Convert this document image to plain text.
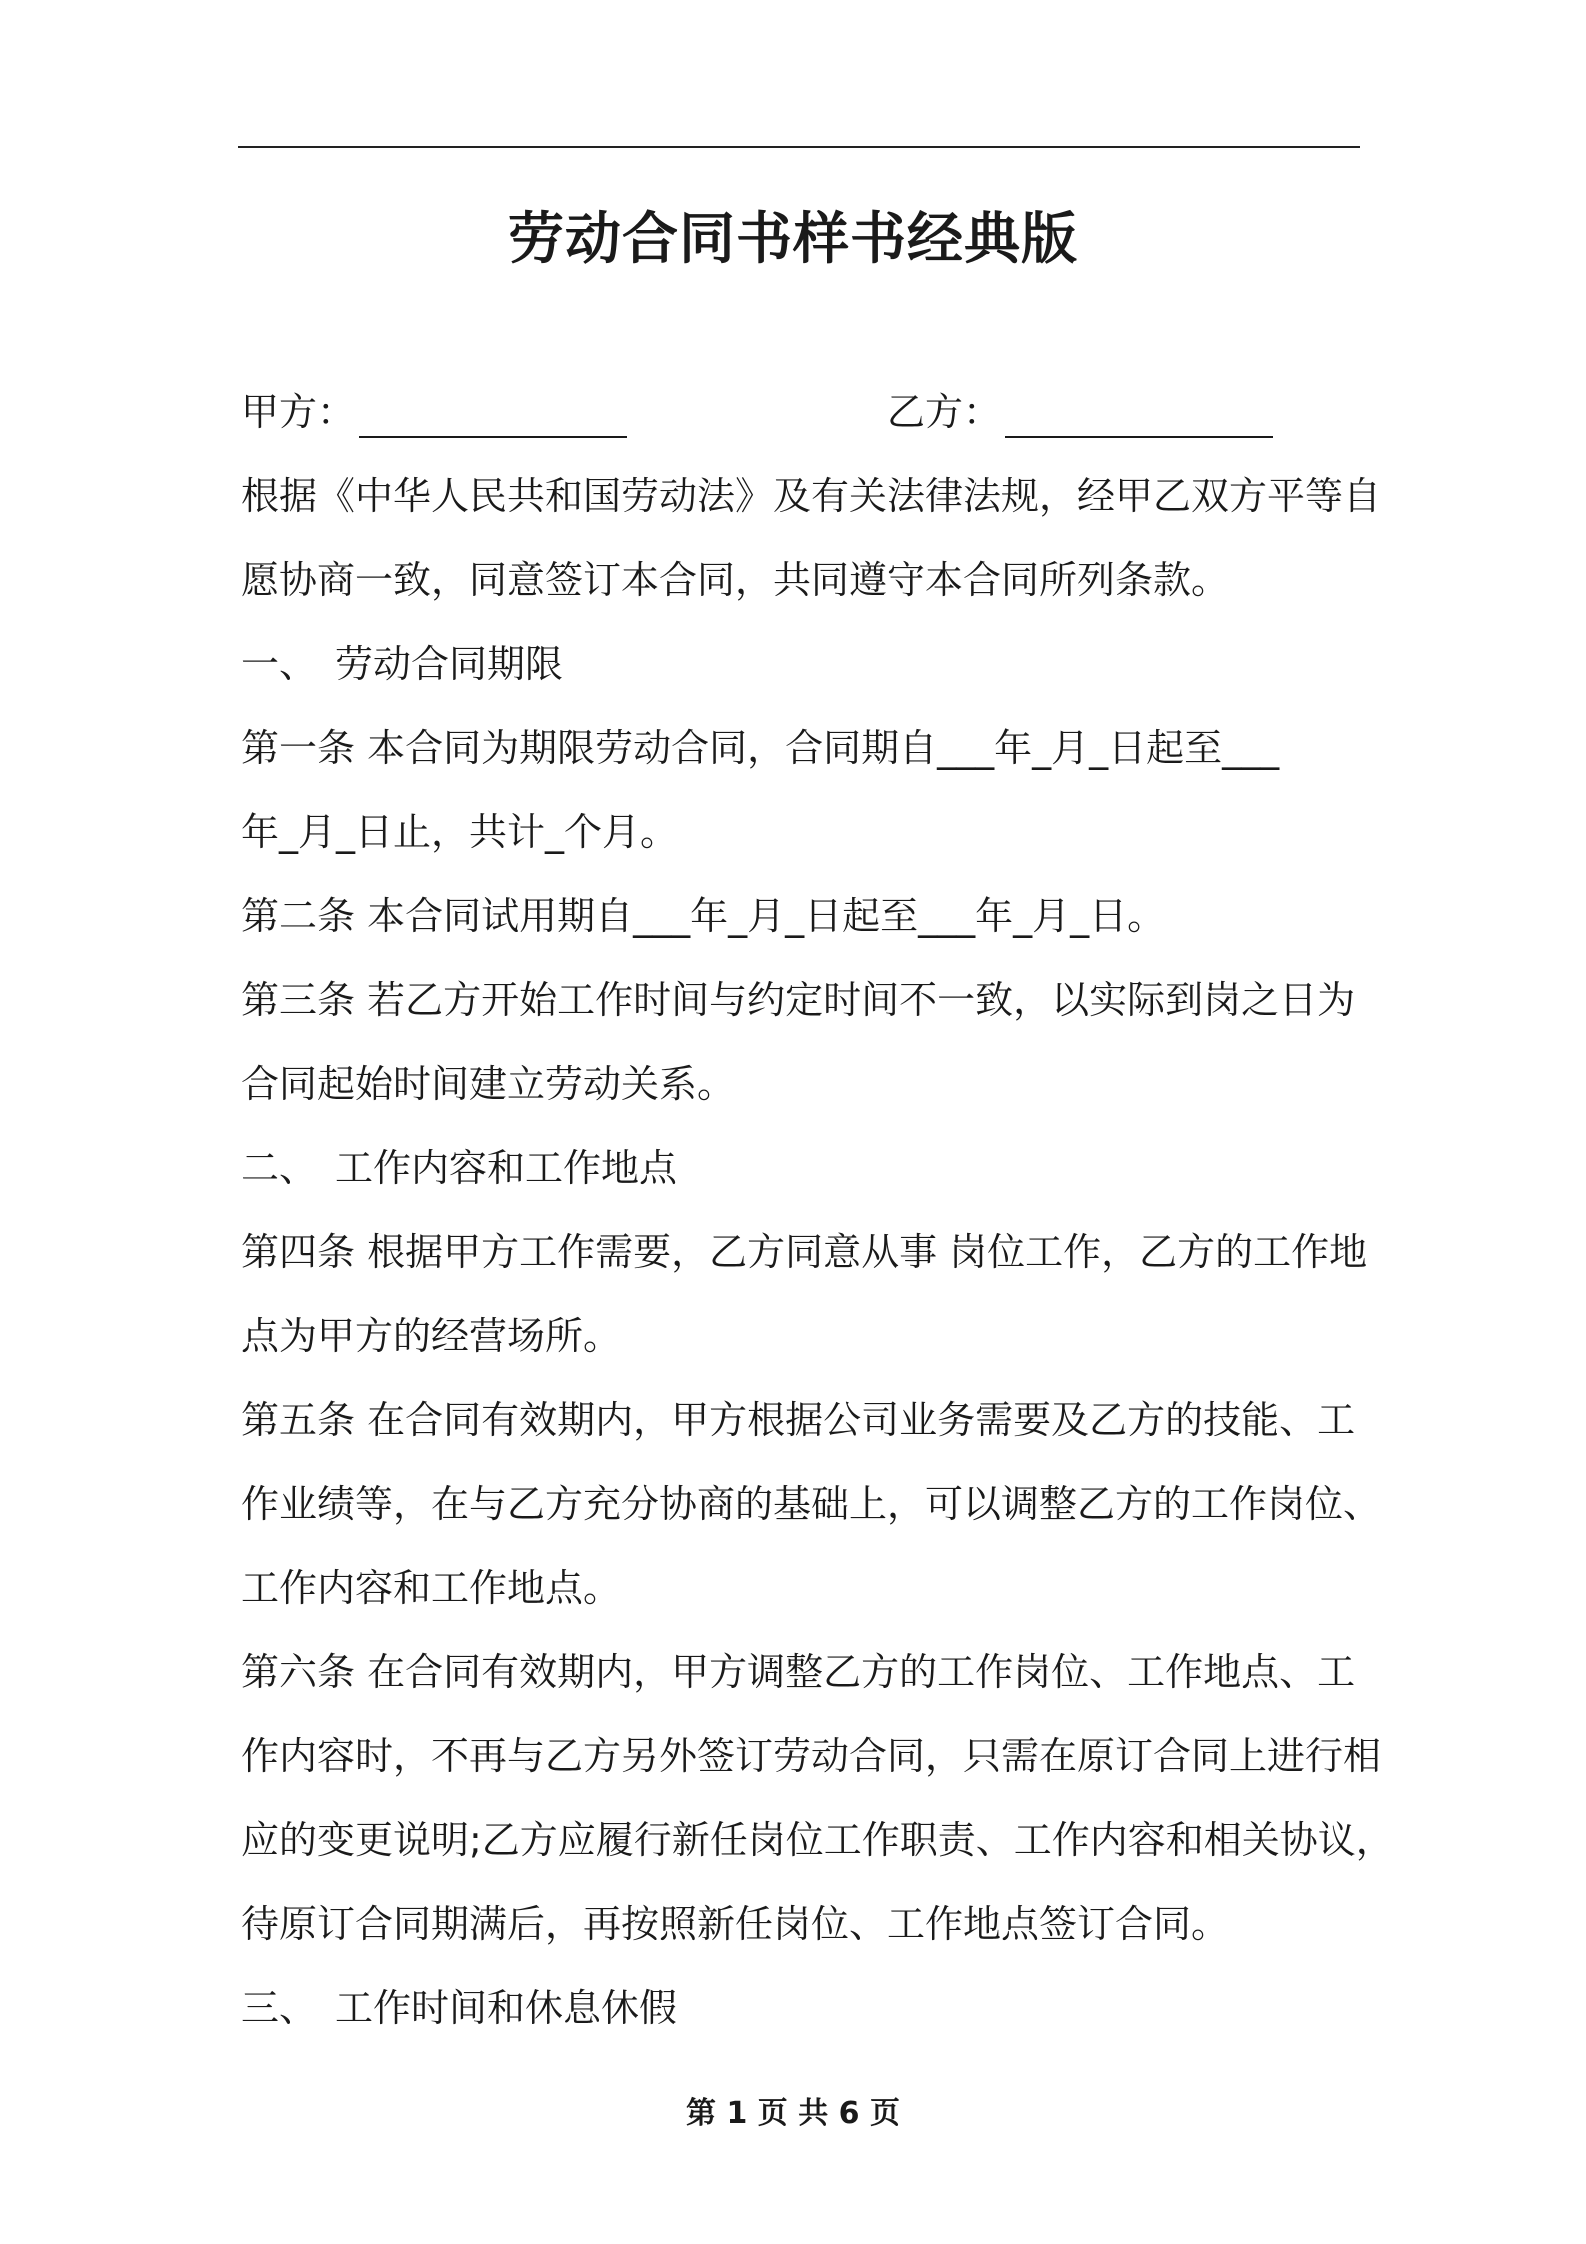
劳动合同书样书经典版
甲方：	乙方：
根据《中华人民共和国劳动法》及有关法律法规，经甲乙双方平等自
愿协商一致，同意签订本合同，共同遵守本合同所列条款。
一、 劳动合同期限
第一条 本合同为期限劳动合同，合同期自___年_月_日起至___
年_月_日止，共计_个月。
第二条 本合同试用期自___年_月_日起至___年_月_日。
第三条 若乙方开始工作时间与约定时间不一致，以实际到岗之日为
合同起始时间建立劳动关系。
二、 工作内容和工作地点
第四条 根据甲方工作需要，乙方同意从事 岗位工作，乙方的工作地
点为甲方的经营场所。
第五条 在合同有效期内，甲方根据公司业务需要及乙方的技能、工
作业绩等，在与乙方充分协商的基础上，可以调整乙方的工作岗位、
工作内容和工作地点。
第六条 在合同有效期内，甲方调整乙方的工作岗位、工作地点、工
作内容时，不再与乙方另外签订劳动合同，只需在原订合同上进行相
应的变更说明;乙方应履行新任岗位工作职责、工作内容和相关协议，
待原订合同期满后，再按照新任岗位、工作地点签订合同。
三、 工作时间和休息休假
第 1 页 共 6 页
